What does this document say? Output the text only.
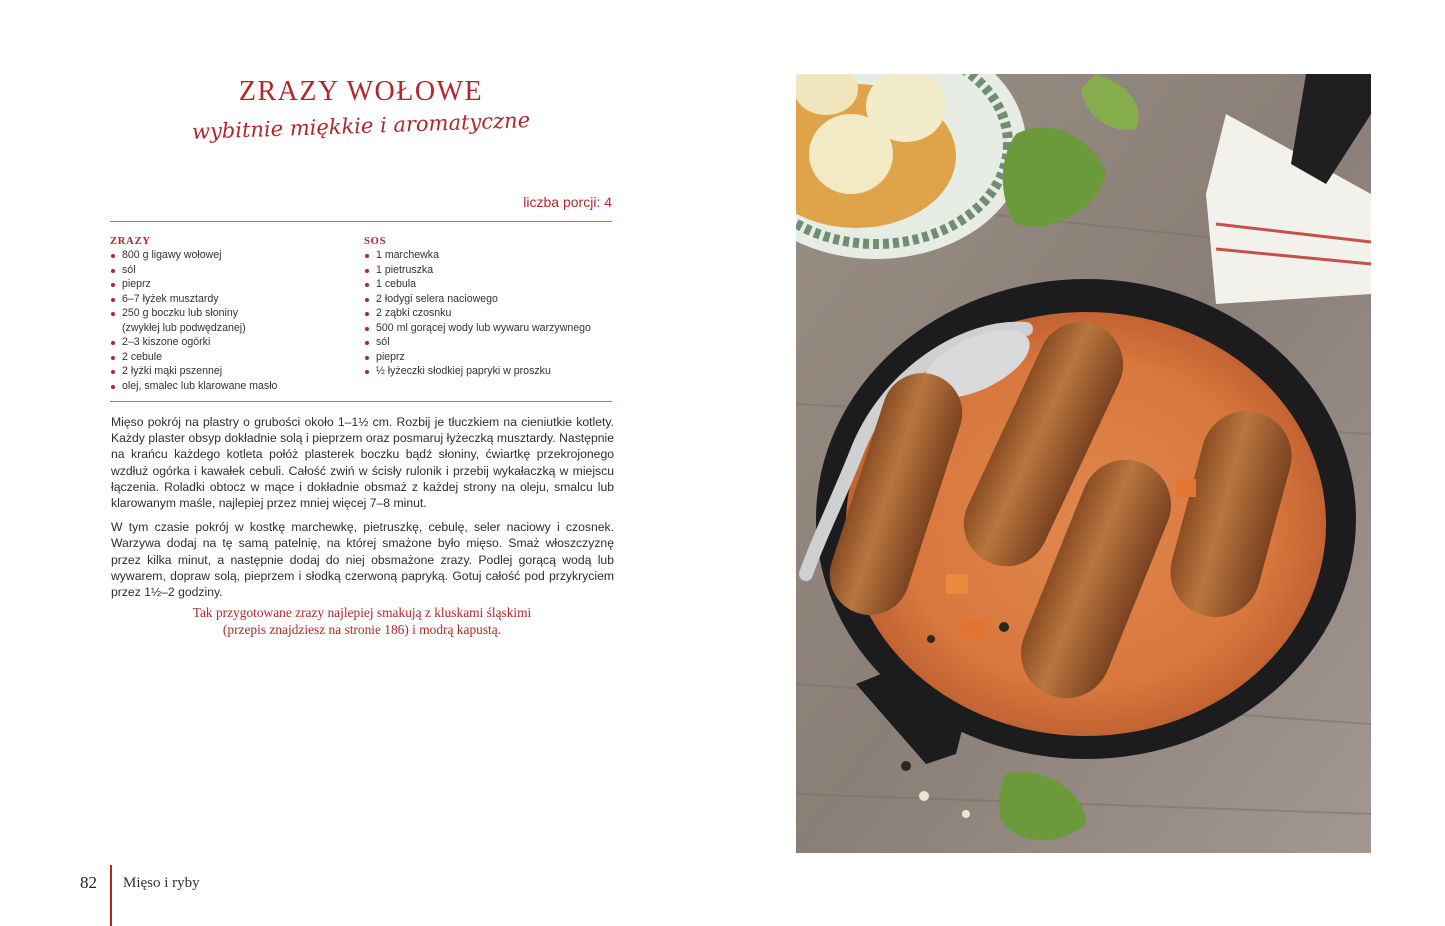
ZRAZY WOŁOWE
wybitnie miękkie i aromatyczne
liczba porcji: 4
ZRAZY
800 g ligawy wołowej
sól
pieprz
6–7 łyżek musztardy
250 g boczku lub słoniny
(zwykłej lub podwędzanej)
2–3 kiszone ogórki
2 cebule
2 łyżki mąki pszennej
olej, smalec lub klarowane masło
SOS
1 marchewka
1 pietruszka
1 cebula
2 łodygi selera naciowego
2 ząbki czosnku
500 ml gorącej wody lub wywaru warzywnego
sól
pieprz
½ łyżeczki słodkiej papryki w proszku

Mięso pokrój na plastry o grubości około 1–1½ cm. Rozbij je tłuczkiem na cieniutkie kotlety. Każdy plaster obsyp dokładnie solą i pieprzem oraz posmaruj łyżeczką musztardy. Następnie na krańcu każdego kotleta połóż plasterek boczku bądź słoniny, ćwiartkę przekrojonego wzdłuż ogórka i kawałek cebuli. Całość zwiń w ścisły rulonik i przebij wykałaczką w miejscu łączenia. Roladki obtocz w mące i dokładnie obsmaż z każdej strony na oleju, smalcu lub klarowanym maśle, najlepiej przez mniej więcej 7–8 minut.

W tym czasie pokrój w kostkę marchewkę, pietruszkę, cebulę, seler naciowy i czosnek. Warzywa dodaj na tę samą patelnię, na której smażone było mięso. Smaż włoszczyznę przez kilka minut, a następnie dodaj do niej obsmażone zrazy. Podlej gorącą wodą lub wywarem, dopraw solą, pieprzem i słodką czerwoną papryką. Gotuj całość pod przykryciem przez 1½–2 godziny.

Tak przygotowane zrazy najlepiej smakują z kluskami śląskimi
(przepis znajdziesz na stronie 186) i modrą kapustą.
82 Mięso i ryby
